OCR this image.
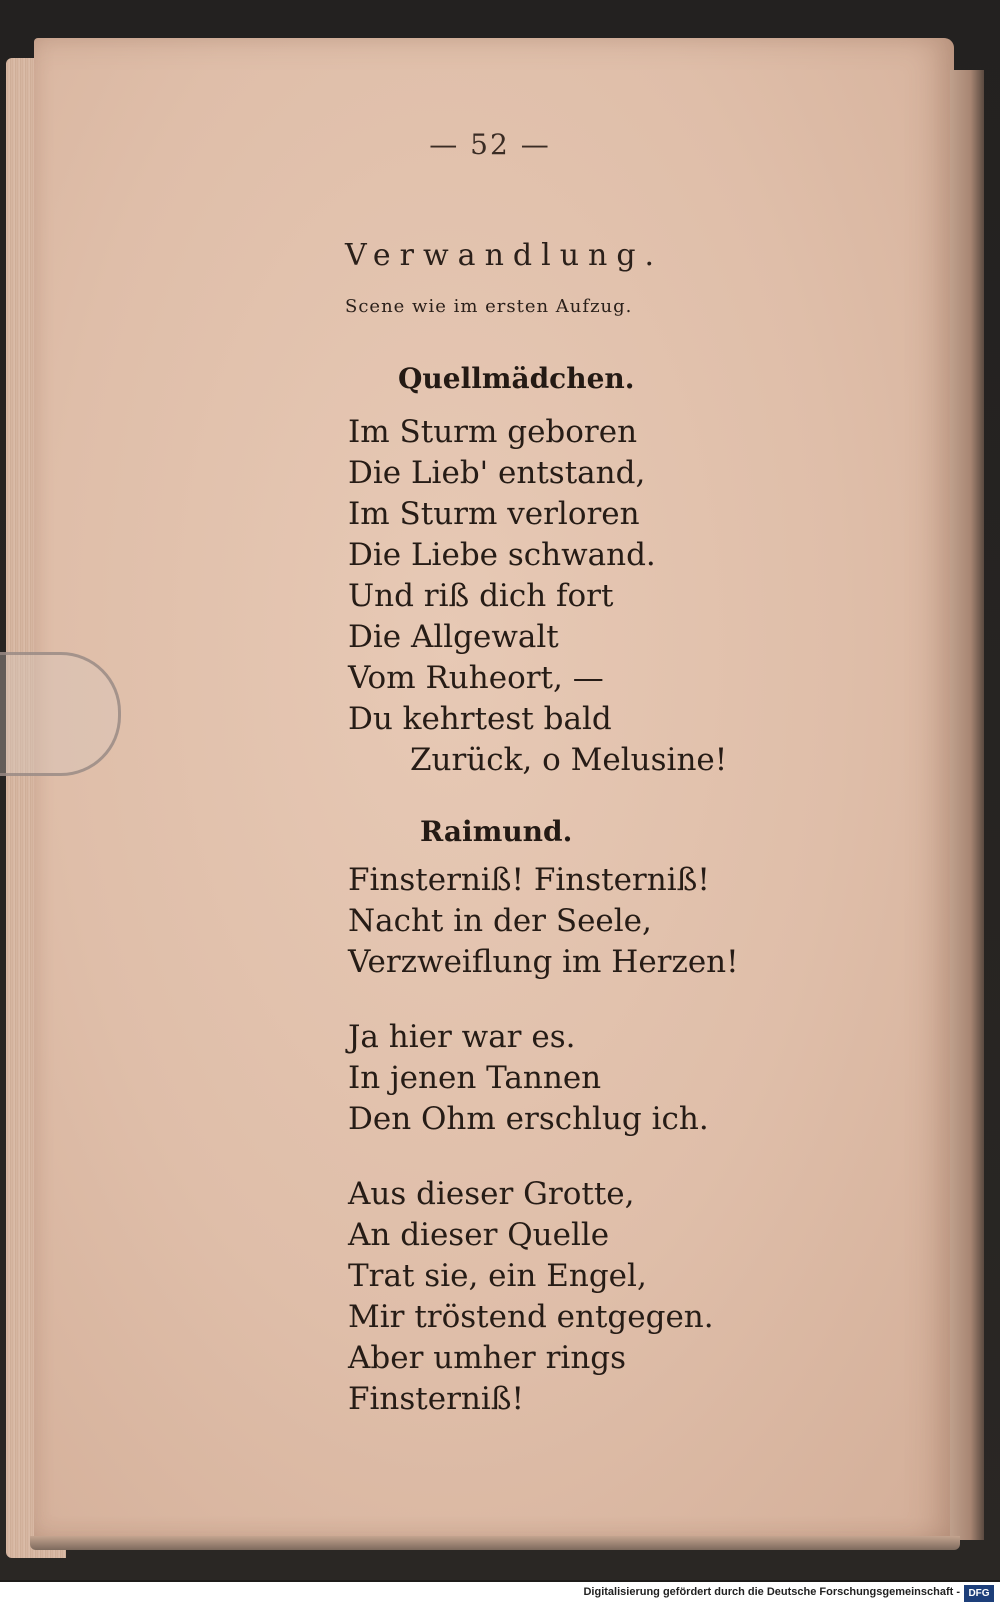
— 52 —
Verwandlung.
Scene wie im ersten Aufzug.
Quellmädchen.
Im Sturm geboren
Die Lieb' entstand,
Im Sturm verloren
Die Liebe schwand.
Und riß dich fort
Die Allgewalt
Vom Ruheort, —
Du kehrtest bald
Zurück, o Melusine!
Raimund.
Finsterniß! Finsterniß!
Nacht in der Seele,
Verzweiflung im Herzen!
Ja hier war es.
In jenen Tannen
Den Ohm erschlug ich.
Aus dieser Grotte,
An dieser Quelle
Trat sie, ein Engel,
Mir tröstend entgegen.
Aber umher rings
Finsterniß!
Digitalisierung gefördert durch die Deutsche Forschungsgemeinschaft - DFG
